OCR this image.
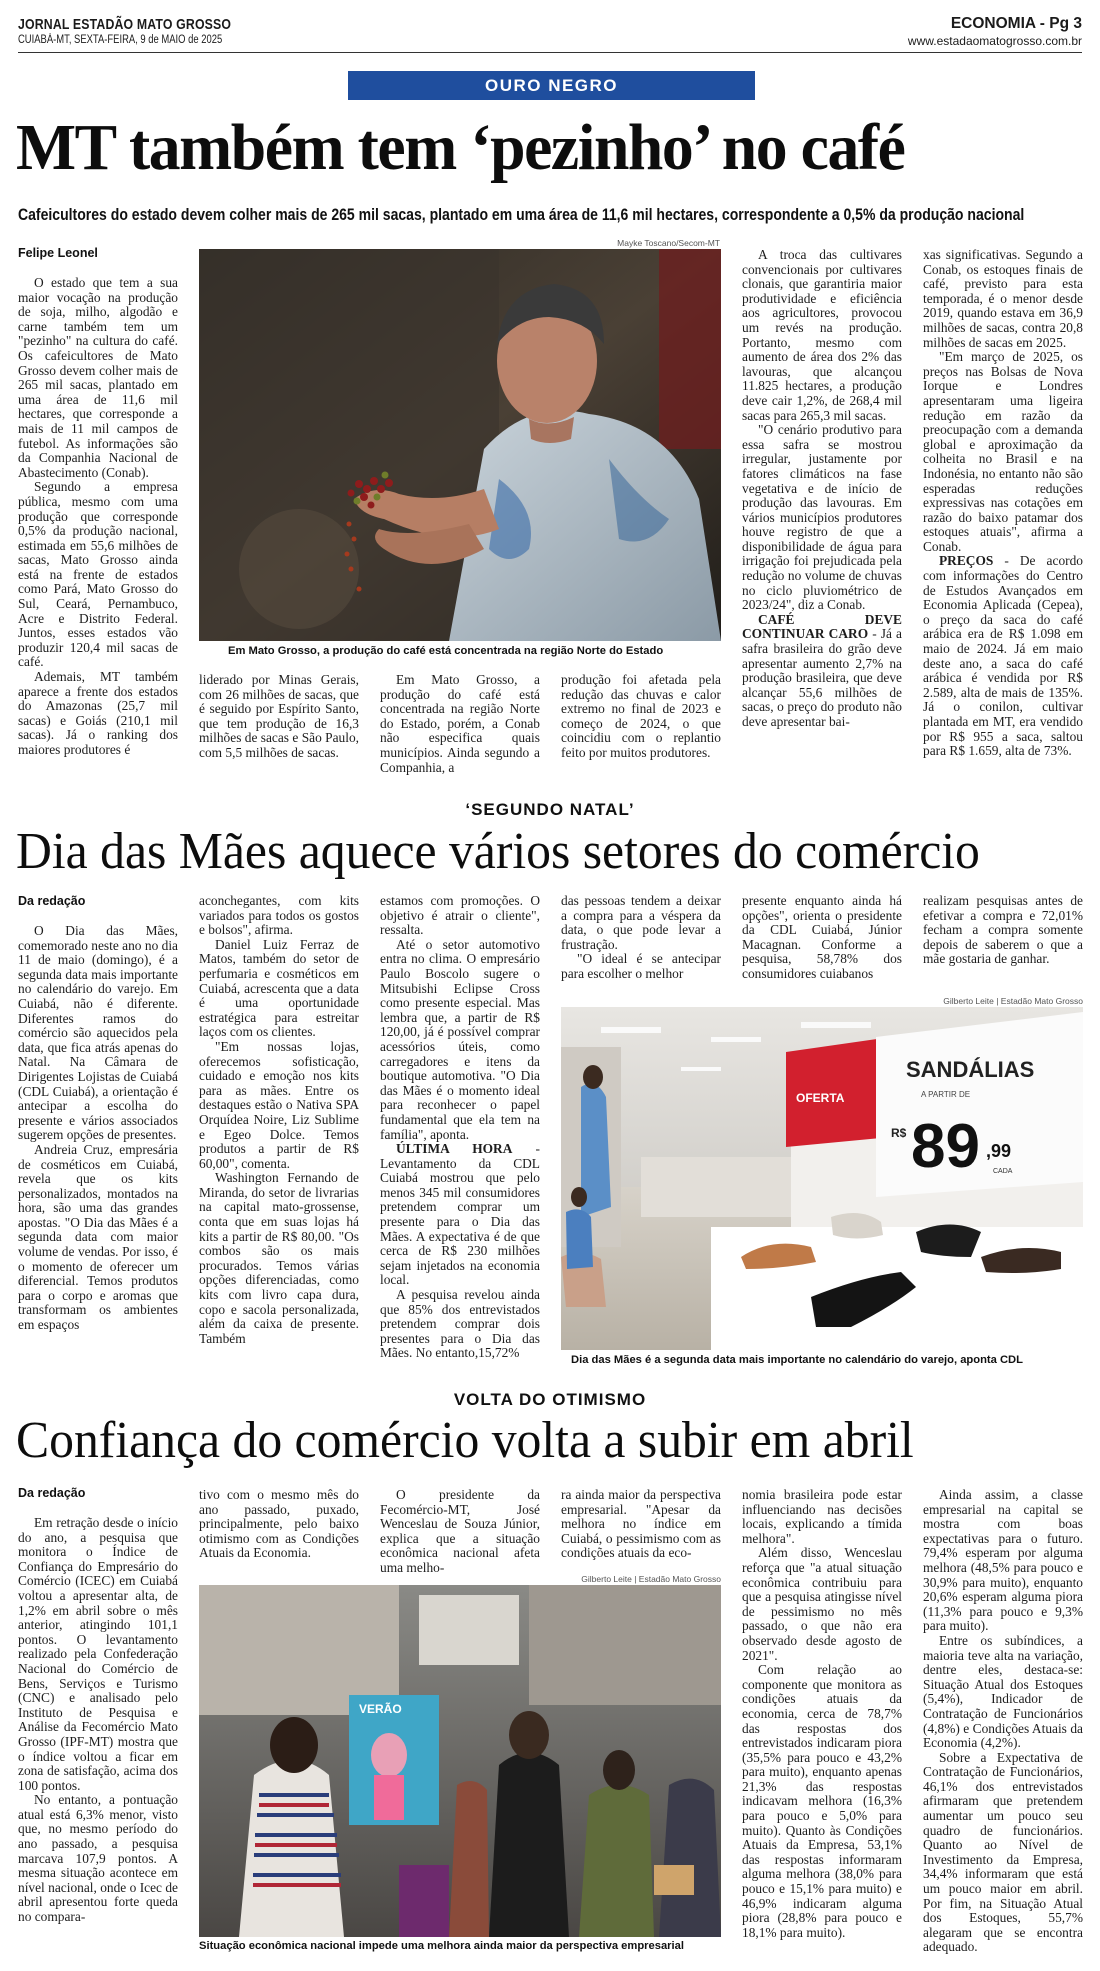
JORNAL ESTADÃO MATO GROSSO
CUIABÁ-MT, SEXTA-FEIRA, 9 de MAIO de 2025
ECONOMIA - Pg 3
www.estadaomatogrosso.com.br
OURO NEGRO
MT também tem ‘pezinho’ no café
Cafeicultores do estado devem colher mais de 265 mil sacas, plantado em uma área de 11,6 mil hectares, correspondente a 0,5% da produção nacional
Felipe Leonel

O estado que tem a sua maior vocação na produção de soja, milho, algodão e carne também tem um "pezinho" na cultura do café. Os cafeicultores de Mato Grosso devem colher mais de 265 mil sacas, plantado em uma área de 11,6 mil hectares, que corresponde a mais de 11 mil campos de futebol. As informações são da Companhia Nacional de Abastecimento (Conab).

Segundo a empresa pública, mesmo com uma produção que corresponde 0,5% da produção nacional, estimada em 55,6 milhões de sacas, Mato Grosso ainda está na frente de estados como Pará, Mato Grosso do Sul, Ceará, Pernambuco, Acre e Distrito Federal. Juntos, esses estados vão produzir 120,4 mil sacas de café.

Ademais, MT também aparece a frente dos estados do Amazonas (25,7 mil sacas) e Goiás (210,1 mil sacas). Já o ranking dos maiores produtores é

Mayke Toscano/Secom-MT
Em Mato Grosso, a produção do café está concentrada na região Norte do Estado

liderado por Minas Gerais, com 26 milhões de sacas, que é seguido por Espírito Santo, que tem produção de 16,3 milhões de sacas e São Paulo, com 5,5 milhões de sacas.

Em Mato Grosso, a produção do café está concentrada na região Norte do Estado, porém, a Conab não especifica quais municípios. Ainda segundo a Companhia, a

produção foi afetada pela redução das chuvas e calor extremo no final de 2023 e começo de 2024, o que coincidiu com o replantio feito por muitos produtores.

A troca das cultivares convencionais por cultivares clonais, que garantiria maior produtividade e eficiência aos agricultores, provocou um revés na produção. Portanto, mesmo com aumento de área dos 2% das lavouras, que alcançou 11.825 hectares, a produção deve cair 1,2%, de 268,4 mil sacas para 265,3 mil sacas.

"O cenário produtivo para essa safra se mostrou irregular, justamente por fatores climáticos na fase vegetativa e de início de produção das lavouras. Em vários municípios produtores houve registro de que a disponibilidade de água para irrigação foi prejudicada pela redução no volume de chuvas no ciclo pluviométrico de 2023/24", diz a Conab.

CAFÉ DEVE CONTINUAR CARO - Já a safra brasileira do grão deve apresentar aumento 2,7% na produção brasileira, que deve alcançar 55,6 milhões de sacas, o preço do produto não deve apresentar bai-

xas significativas. Segundo a Conab, os estoques finais de café, previsto para esta temporada, é o menor desde 2019, quando estava em 36,9 milhões de sacas, contra 20,8 milhões de sacas em 2025.

"Em março de 2025, os preços nas Bolsas de Nova Iorque e Londres apresentaram uma ligeira redução em razão da preocupação com a demanda global e aproximação da colheita no Brasil e na Indonésia, no entanto não são esperadas reduções expressivas nas cotações em razão do baixo patamar dos estoques atuais", afirma a Conab.

PREÇOS - De acordo com informações do Centro de Estudos Avançados em Economia Aplicada (Cepea), o preço da saca do café arábica era de R$ 1.098 em maio de 2024. Já em maio deste ano, a saca do café arábica é vendida por R$ 2.589, alta de mais de 135%. Já o conilon, cultivar plantada em MT, era vendido por R$ 955 a saca, saltou para R$ 1.659, alta de 73%.

‘SEGUNDO NATAL’
Dia das Mães aquece vários setores do comércio
Da redação

O Dia das Mães, comemorado neste ano no dia 11 de maio (domingo), é a segunda data mais importante no calendário do varejo. Em Cuiabá, não é diferente. Diferentes ramos do comércio são aquecidos pela data, que fica atrás apenas do Natal. Na Câmara de Dirigentes Lojistas de Cuiabá (CDL Cuiabá), a orientação é antecipar a escolha do presente e vários associados sugerem opções de presentes.

Andreia Cruz, empresária de cosméticos em Cuiabá, revela que os kits personalizados, montados na hora, são uma das grandes apostas. "O Dia das Mães é a segunda data com maior volume de vendas. Por isso, é o momento de oferecer um diferencial. Temos produtos para o corpo e aromas que transformam os ambientes em espaços

aconchegantes, com kits variados para todos os gostos e bolsos", afirma.

Daniel Luiz Ferraz de Matos, também do setor de perfumaria e cosméticos em Cuiabá, acrescenta que a data é uma oportunidade estratégica para estreitar laços com os clientes.

"Em nossas lojas, oferecemos sofisticação, cuidado e emoção nos kits para as mães. Entre os destaques estão o Nativa SPA Orquídea Noire, Liz Sublime e Egeo Dolce. Temos produtos a partir de R$ 60,00", comenta.

Washington Fernando de Miranda, do setor de livrarias na capital mato-grossense, conta que em suas lojas há kits a partir de R$ 80,00. "Os combos são os mais procurados. Temos várias opções diferenciadas, como kits com livro capa dura, copo e sacola personalizada, além da caixa de presente. Também

estamos com promoções. O objetivo é atrair o cliente", ressalta.

Até o setor automotivo entra no clima. O empresário Paulo Boscolo sugere o Mitsubishi Eclipse Cross como presente especial. Mas lembra que, a partir de R$ 120,00, já é possível comprar acessórios úteis, como carregadores e itens da boutique automotiva. "O Dia das Mães é o momento ideal para reconhecer o papel fundamental que ela tem na família", aponta.

ÚLTIMA HORA - Levantamento da CDL Cuiabá mostrou que pelo menos 345 mil consumidores pretendem comprar um presente para o Dia das Mães. A expectativa é de que cerca de R$ 230 milhões sejam injetados na economia local.

A pesquisa revelou ainda que 85% dos entrevistados pretendem comprar dois presentes para o Dia das Mães. No entanto,15,72%

das pessoas tendem a deixar a compra para a véspera da data, o que pode levar a frustração.

"O ideal é se antecipar para escolher o melhor

presente enquanto ainda há opções", orienta o presidente da CDL Cuiabá, Júnior Macagnan. Conforme a pesquisa, 58,78% dos consumidores cuiabanos

realizam pesquisas antes de efetivar a compra e 72,01% fecham a compra somente depois de saberem o que a mãe gostaria de ganhar.

Gilberto Leite | Estadão Mato Grosso
OFERTA
SANDÁLIAS
A PARTIR DE
R$ 89 ,99
CADA
Dia das Mães é a segunda data mais importante no calendário do varejo, aponta CDL
VOLTA DO OTIMISMO
Confiança do comércio volta a subir em abril
Da redação

Em retração desde o início do ano, a pesquisa que monitora o Índice de Confiança do Empresário do Comércio (ICEC) em Cuiabá voltou a apresentar alta, de 1,2% em abril sobre o mês anterior, atingindo 101,1 pontos. O levantamento realizado pela Confederação Nacional do Comércio de Bens, Serviços e Turismo (CNC) e analisado pelo Instituto de Pesquisa e Análise da Fecomércio Mato Grosso (IPF-MT) mostra que o índice voltou a ficar em zona de satisfação, acima dos 100 pontos.

No entanto, a pontuação atual está 6,3% menor, visto que, no mesmo período do ano passado, a pesquisa marcava 107,9 pontos. A mesma situação acontece em nível nacional, onde o Icec de abril apresentou forte queda no compara-

tivo com o mesmo mês do ano passado, puxado, principalmente, pelo baixo otimismo com as Condições Atuais da Economia.

O presidente da Fecomércio-MT, José Wenceslau de Souza Júnior, explica que a situação econômica nacional afeta uma melho-

ra ainda maior da perspectiva empresarial. "Apesar da melhora no índice em Cuiabá, o pessimismo com as condições atuais da eco-

nomia brasileira pode estar influenciando nas decisões locais, explicando a tímida melhora".

Além disso, Wenceslau reforça que "a atual situação econômica contribuiu para que a pesquisa atingisse nível de pessimismo no mês passado, o que não era observado desde agosto de 2021".

Com relação ao componente que monitora as condições atuais da economia, cerca de 78,7% das respostas dos entrevistados indicaram piora (35,5% para pouco e 43,2% para muito), enquanto apenas 21,3% das respostas indicavam melhora (16,3% para pouco e 5,0% para muito). Quanto às Condições Atuais da Empresa, 53,1% das respostas informaram alguma melhora (38,0% para pouco e 15,1% para muito) e 46,9% indicaram alguma piora (28,8% para pouco e 18,1% para muito).

Ainda assim, a classe empresarial na capital se mostra com boas expectativas para o futuro. 79,4% esperam por alguma melhora (48,5% para pouco e 30,9% para muito), enquanto 20,6% esperam alguma piora (11,3% para pouco e 9,3% para muito).

Entre os subíndices, a maioria teve alta na variação, dentre eles, destaca-se: Situação Atual dos Estoques (5,4%), Indicador de Contratação de Funcionários (4,8%) e Condições Atuais da Economia (4,2%).

Sobre a Expectativa de Contratação de Funcionários, 46,1% dos entrevistados afirmaram que pretendem aumentar um pouco seu quadro de funcionários. Quanto ao Nível de Investimento da Empresa, 34,4% informaram que está um pouco maior em abril. Por fim, na Situação Atual dos Estoques, 55,7% alegaram que se encontra adequado.

Gilberto Leite | Estadão Mato Grosso
VERÃO
Situação econômica nacional impede uma melhora ainda maior da perspectiva empresarial
